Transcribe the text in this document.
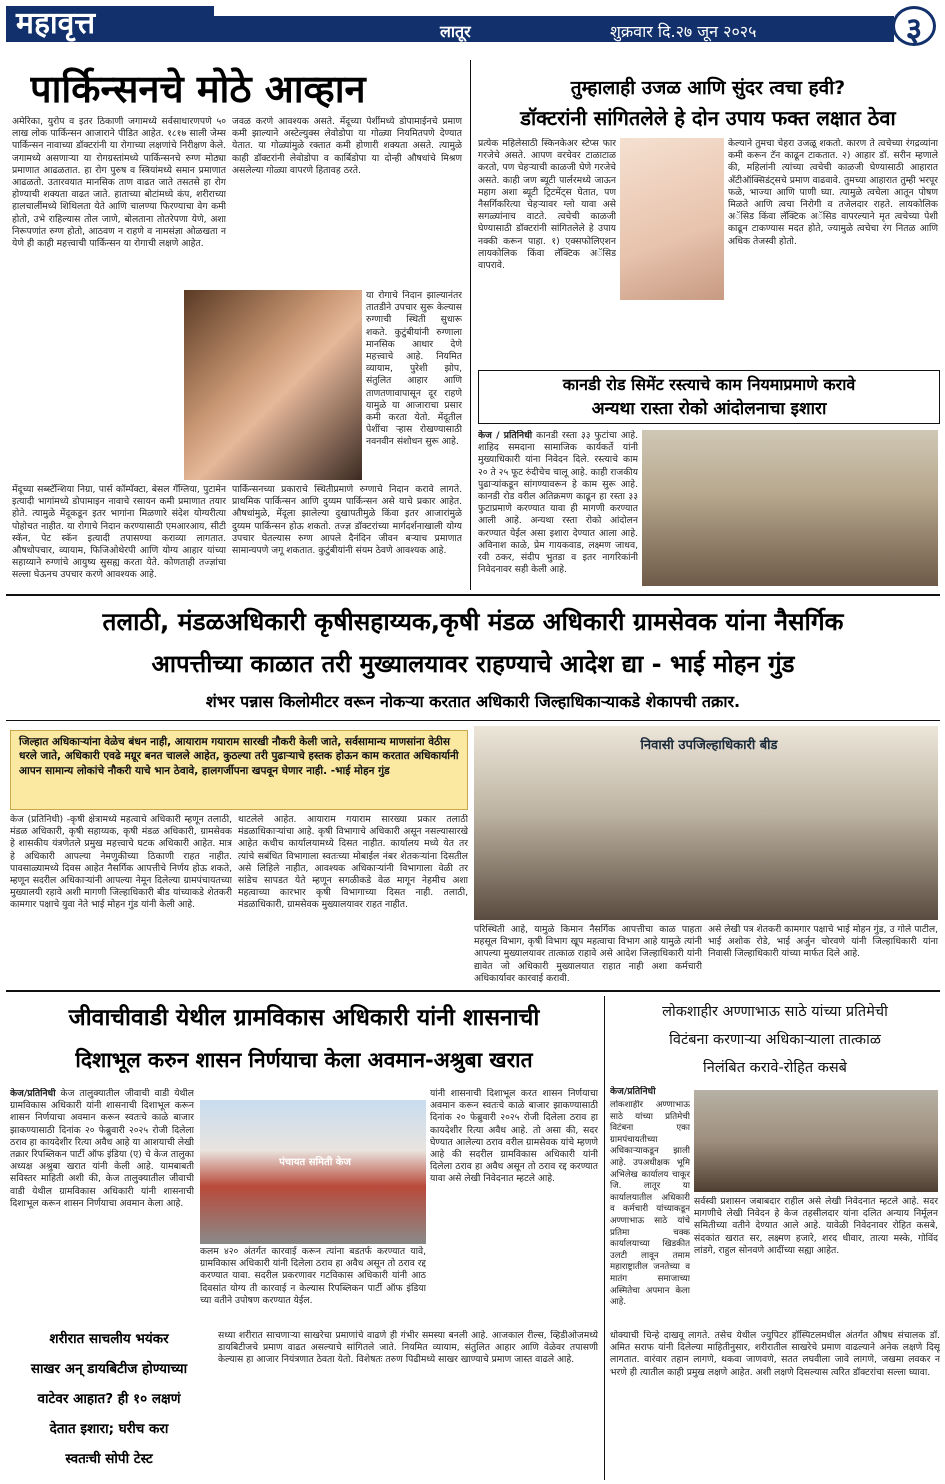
महावृत्त	लातूर	शुक्रवार दि.२७ जून २०२५	३
पार्किन्सनचे मोठे आव्हान
अमेरिका, युरोप व इतर ठिकाणी जगामध्ये सर्वसाधारणपणे ५० लाख लोक पार्किन्सन आजाराने पीडित आहेत. १८१७ साली जेम्स पार्किन्सन नावाच्या डॉक्टरांनी या रोगाच्या लक्षणांचे निरीक्षण केले. जगामध्ये असणाऱ्या या रोगग्रस्तांमध्ये पार्किन्सनचे रुग्ण मोठ्या प्रमाणात आढळतात. हा रोग पुरुष व स्त्रियांमध्ये समान प्रमाणात आढळतो. उतारवयात मानसिक ताण वाढत जाते तसतसे हा रोग होण्याची शक्यता वाढत जाते. हाताच्या बोटांमध्ये कंप, शरीराच्या हालचालींमध्ये शिथिलता येते आणि चालण्या फिरण्याचा वेग कमी होतो, उभे राहिल्यास तोल जाणे, बोलताना तोतरेपणा येणे, अशा निरूपणांत रुग्ण होतो, आठवण न राहणे व नामसंज्ञा ओळखता न येणे ही काही महत्त्वाची पार्किन्सन या रोगाची लक्षणे आहेत.
मेंदूच्या सब्स्टॅन्शिया निग्रा, पार्स कॉम्पॅक्टा, बेसल गँग्लिया, पुटामेन इत्यादी भागांमध्ये डोपामाइन नावाचे रसायन कमी प्रमाणात तयार होते. त्यामुळे मेंदूकडून इतर भागांना मिळणारे संदेश योग्यरीत्या पोहोचत नाहीत. या रोगाचे निदान करण्यासाठी एमआरआय, सीटी स्कॅन, पेट स्कॅन इत्यादी तपासण्या कराव्या लागतात. औषधोपचार, व्यायाम, फिजिओथेरपी आणि योग्य आहार यांच्या सहाय्याने रुग्णांचे आयुष्य सुसह्य करता येते. कोणताही तज्ज्ञांचा सल्ला घेऊनच उपचार करणे आवश्यक आहे.
जवळ करणे आवश्यक असते. मेंदूच्या पेशींमध्ये डोपामाईनचे प्रमाण कमी झाल्याने अस्टेल्युक्स लेवोडोपा या गोळ्या नियमितपणे देण्यात येतात. या गोळ्यांमुळे रक्तात कमी होणारी शक्यता असते. त्यामुळे काही डॉक्टरांनी लेवोडोपा व कार्बिडोपा या दोन्ही औषधांचे मिश्रण असलेल्या गोळ्या वापरणे हितावह ठरते.
या रोगाचे निदान झाल्यानंतर तातडीने उपचार सुरू केल्यास रुग्णाची स्थिती सुधारू शकते. कुटुंबीयांनी रुग्णाला मानसिक आधार देणे महत्त्वाचे आहे. नियमित व्यायाम, पुरेशी झोप, संतुलित आहार आणि ताणतणावापासून दूर राहणे यामुळे या आजाराचा प्रसार कमी करता येतो. मेंदूतील पेशींचा ऱ्हास रोखण्यासाठी नवनवीन संशोधन सुरू आहे.
पार्किन्सनच्या प्रकाराचे स्थितीप्रमाणे रुग्णाचे निदान करावे लागते. प्राथमिक पार्किन्सन आणि दुय्यम पार्किन्सन असे याचे प्रकार आहेत. औषधांमुळे, मेंदूला झालेल्या दुखापतीमुळे किंवा इतर आजारांमुळे दुय्यम पार्किन्सन होऊ शकतो. तज्ज्ञ डॉक्टरांच्या मार्गदर्शनाखाली योग्य उपचार घेतल्यास रुग्ण आपले दैनंदिन जीवन बऱ्याच प्रमाणात सामान्यपणे जगू शकतात. कुटुंबीयांनी संयम ठेवणे आवश्यक आहे.
तुम्हालाही उजळ आणि सुंदर त्वचा हवी?
डॉक्टरांनी सांगितलेले हे दोन उपाय फक्त लक्षात ठेवा
प्रत्येक महिलेसाठी स्किनकेअर स्टेप्स फार गरजेचे असते. आपण वरचेवर टाळाटाळ करतो, पण चेहऱ्याची काळजी घेणे गरजेचे असते. काही जण ब्यूटी पार्लरमध्ये जाऊन महाग अशा ब्यूटी ट्रिटमेंट्स घेतात, पण नैसर्गिकरित्या चेहऱ्यावर ग्लो यावा असे सगळ्यांनाच वाटते. त्वचेची काळजी घेण्यासाठी डॉक्टरांनी सांगितलेले हे उपाय नक्की करून पाहा. १) एक्सफोलिएशन लायकोलिक किंवा लॅक्टिक अॅसिड वापरावे.
केल्याने तुमचा चेहरा उजळू शकतो. कारण ते त्वचेच्या रंगद्रव्यांना कमी करून टॅन काढून टाकतात. २) आहार डॉ. सरीन म्हणाले की, महिलांनी त्यांच्या त्वचेची काळजी घेण्यासाठी आहारात अँटीऑक्सिडंट्सचे प्रमाण वाढवावे. तुमच्या आहारात तुम्ही भरपूर फळे, भाज्या आणि पाणी घ्या. त्यामुळे त्वचेला आतून पोषण मिळते आणि त्वचा निरोगी व तजेलदार राहते. लायकोलिक अॅसिड किंवा लॅक्टिक अॅसिड वापरल्याने मृत त्वचेच्या पेशी काढून टाकण्यास मदत होते, ज्यामुळे त्वचेचा रंग नितळ आणि अधिक तेजस्वी होतो.
कानडी रोड सिमेंट रस्त्याचे काम नियमाप्रमाणे करावे
अन्यथा रास्ता रोको आंदोलनाचा इशारा
केज / प्रतिनिधी कानडी रस्ता ३३ फुटांचा आहे. शाहिद समदाना सामाजिक कार्यकर्ते यांनी मुख्याधिकारी यांना निवेदन दिले. रस्त्याचे काम २० ते २५ फूट रुंदीचेच चालू आहे. काही राजकीय पुढाऱ्यांकडून सांगण्यावरून हे काम सुरू आहे. कानडी रोड वरील अतिक्रमण काढून हा रस्ता ३३ फुटाप्रमाणे करण्यात यावा ही मागणी करण्यात आली आहे. अन्यथा रस्ता रोको आंदोलन करण्यात येईल असा इशारा देण्यात आला आहे. अविनाश काळे, प्रेम गायकवाड, लक्ष्मण जाधव, रवी ठकर, संदीप भुतडा व इतर नागरिकांनी निवेदनावर सही केली आहे.
तलाठी, मंडळअधिकारी कृषीसहाय्यक,कृषी मंडळ अधिकारी ग्रामसेवक यांना नैसर्गिक
आपत्तीच्या काळात तरी मुख्यालयावर राहण्याचे आदेश द्या - भाई मोहन गुंड
शंभर पन्नास किलोमीटर वरून नोकऱ्या करतात अधिकारी जिल्हाधिकाऱ्याकडे शेकापची तक्रार.
जिल्हात अधिकाऱ्यांना वेळेच बंधन नाही, आयाराम गयाराम सारखी नौकरी केली जाते, सर्वसामान्य माणसांना वेठीस धरले जाते, अधिकारी एवढे मग्रूर बनत चालले आहेत, कुठल्या तरी पुढाऱ्याचे हस्तक होऊन काम करतात अधिकार्यानी आपन सामान्य लोकांचे नौकरी याचे भान ठेवावे, हालगर्जीपना खपवून घेणार नाही. -भाई मोहन गुंड
निवासी उपजिल्हाधिकारी बीड
केज (प्रतिनिधी) -कृषी क्षेत्रामध्ये महत्वाचे अधिकारी म्हणून तलाठी, मंडळ अधिकारी, कृषी सहाय्यक, कृषी मंडळ अधिकारी, ग्रामसेवक हे शासकीय यंत्रणेतले प्रमुख महत्त्वाचे घटक अधिकारी आहेत. मात्र हे अधिकारी आपल्या नेमणुकीच्या ठिकाणी राहत नाहीत. पावसाळ्यामध्ये दिवस आहेत नैसर्गिक आपत्तीचे निर्णय होऊ शकते, म्हणून सदरील अधिकाऱ्यांनी आपल्या नेमून दिलेल्या ग्रामपंचायतच्या मुख्यालयी रहावे अशी मागणी जिल्हाधिकारी बीड यांच्याकडे शेतकरी कामगार पक्षाचे युवा नेते भाई मोहन गुंड यांनी केली आहे.
थाटलेले आहेत. आयाराम गयाराम सारख्या प्रकार तलाठी मंडळाधिकाऱ्यांचा आहे. कृषी विभागाचे अधिकारी असून नसल्यासारखे आहेत कधीच कार्यालयामध्ये दिसत नाहीत. कार्यालय मध्ये येत तर त्यांचे सबंधित विभागाला स्वतःच्या मोबाईल नंबर शेतकऱ्यांना दिसतील असे लिहिले नाहीत, आवश्यक अधिकाऱ्यांनी विभागाला वेळी तर सांडेच सापडत येते म्हणून सगळीकडे वेळ मागून नेहमीच अशा महत्वाच्या कारभार कृषी विभागाच्या दिसत नाही. तलाठी, मंडळाधिकारी, ग्रामसेवक मुख्यालयावर राहत नाहीत.
परिस्थिती आहे, यामुळे किमान नैसर्गिक आपत्तीचा काळ पाहता महसूल विभाग, कृषी विभाग खूप महत्वाचा विभाग आहे यामुळे त्यांनी आपल्या मुख्यालयावर तात्काळ राहावे असे आदेश जिल्हाधिकारी यांनी द्यावेत जो अधिकारी मुख्यालयात राहात नाही अशा कर्मचारी अधिकार्यावर कारवाई करावी.
असे लेखी पत्र शेतकरी कामगार पक्षाचे भाई मोहन गुंड, उ गोले पाटील, भाई अशोक रोडे, भाई अर्जुन चोरवणे यांनी जिल्हाधिकारी यांना निवासी जिल्हाधिकारी यांच्या मार्फत दिले आहे.
जीवाचीवाडी येथील ग्रामविकास अधिकारी यांनी शासनाची
दिशाभूल करुन शासन निर्णयाचा केला अवमान-अश्रुबा खरात
केज/प्रतिनिधी केज तालुक्यातील जीवाची वाडी येथील ग्रामविकास अधिकारी यांनी शासनाची दिशाभूल करून शासन निर्णयाचा अवमान करून स्वतःचे काळे बाजार झाकण्यासाठी दिनांक २० फेब्रुवारी २०२५ रोजी दिलेला ठराव हा कायदेशीर रित्या अवैध आहे या आशयाची लेखी तक्रार रिपब्लिकन पार्टी ऑफ इंडिया (ए) चे केज तालुका अध्यक्ष अश्रुबा खरात यांनी केली आहे. यामबाबती सविस्तर माहिती अशी की, केज तालुक्यातील जीवाची वाडी येथील ग्रामविकास अधिकारी यांनी शासनाची दिशाभूल करून शासन निर्णयाचा अवमान केला आहे.
पंचायत समिती केज
कलम ४२० अंतर्गत कारवाई करून त्यांना बडतर्फ करण्यात यावे, ग्रामविकास अधिकारी यांनी दिलेला ठराव हा अवैध असून तो ठराव रद्द करण्यात यावा. सदरील प्रकरणावर गटविकास अधिकारी यांनी आठ दिवसांत योग्य ती कारवाई न केल्यास रिपब्लिकन पार्टी ऑफ इंडिया च्या वतीने उपोषण करण्यात येईल.
यांनी शासनाची दिशाभूल करत शासन निर्णयाचा अवमान करून स्वतःचे काळे बाजार झाकण्यासाठी दिनांक २० फेब्रुवारी २०२५ रोजी दिलेला ठराव हा कायदेशीर रित्या अवैध आहे. तो असा की, सदर घेण्यात आलेल्या ठराव वरील ग्रामसेवक यांचे म्हणणे आहे की सदरील ग्रामविकास अधिकारी यांनी दिलेला ठराव हा अवैध असून तो ठराव रद्द करण्यात यावा असे लेखी निवेदनात म्हटले आहे.
शरीरात साचलीय भयंकर
साखर अन् डायबिटीज होण्याच्या
वाटेवर आहात? ही १० लक्षणं
देतात इशारा; घरीच करा
स्वतःची सोपी टेस्ट
सध्या शरीरात साचणाऱ्या साखरेचा प्रमाणांचे वाढणे ही गंभीर समस्या बनली आहे. आजकाल रील्स, व्हिडीओजमध्ये डायबिटीजचे प्रमाण वाढत असल्याचे सांगितले जाते. नियमित व्यायाम, संतुलित आहार आणि वेळेवर तपासणी केल्यास हा आजार नियंत्रणात ठेवता येतो. विशेषतः तरुण पिढीमध्ये साखर खाण्याचे प्रमाण जास्त वाढले आहे.
लोकशाहीर अण्णाभाऊ साठे यांच्या प्रतिमेची
विटंबना करणाऱ्या अधिकाऱ्याला तात्काळ
निलंबित करावे-रोहित कसबे
केज/प्रतिनिधी
लोकशाहीर अण्णाभाऊ साठे यांच्या प्रतिमेची विटंबना एका ग्रामपंचायतीच्या अधिकाऱ्याकडून झाली आहे. उपअधीक्षक भूमि अभिलेख कार्यालय चाकूर जि. लातूर या कार्यालयातील अधिकारी व कर्मचारी यांच्याकडून अण्णाभाऊ साठे यांचे प्रतिमा चक्क कार्यालयाच्या खिडकीत उलटी लावून तमाम महाराष्ट्रातील जनतेच्या व मातंग समाजाच्या अस्मितेचा अपमान केला आहे.
सर्वस्वी प्रशासन जबाबदार राहील असे लेखी निवेदनात म्हटले आहे. सदर मागणीचे लेखी निवेदन हे केज तहसीलदार यांना दलित अन्याय निर्मूलन समितीच्या वतीने देण्यात आले आहे. यावेळी निवेदनावर रोहित कसबे, संदकांत खरात सर, लक्ष्मण हजारे, शरद धीवार, तात्या मस्के, गोविंद लांडगे, राहुल सोनवणे आदींच्या सह्या आहेत.
धोक्याची चिन्हे दाखवू लागते. तसेच येथील ज्युपिटर हॉस्पिटलमधील अंतर्गत औषध संचालक डॉ. अमित सराफ यांनी दिलेल्या माहितीनुसार, शरीरातील साखरेचे प्रमाण वाढल्याने अनेक लक्षणे दिसू लागतात. वारंवार तहान लागणे, थकवा जाणवणे, सतत लघवीला जावे लागणे, जखमा लवकर न भरणे ही त्यातील काही प्रमुख लक्षणे आहेत. अशी लक्षणे दिसल्यास त्वरित डॉक्टरांचा सल्ला घ्यावा.
